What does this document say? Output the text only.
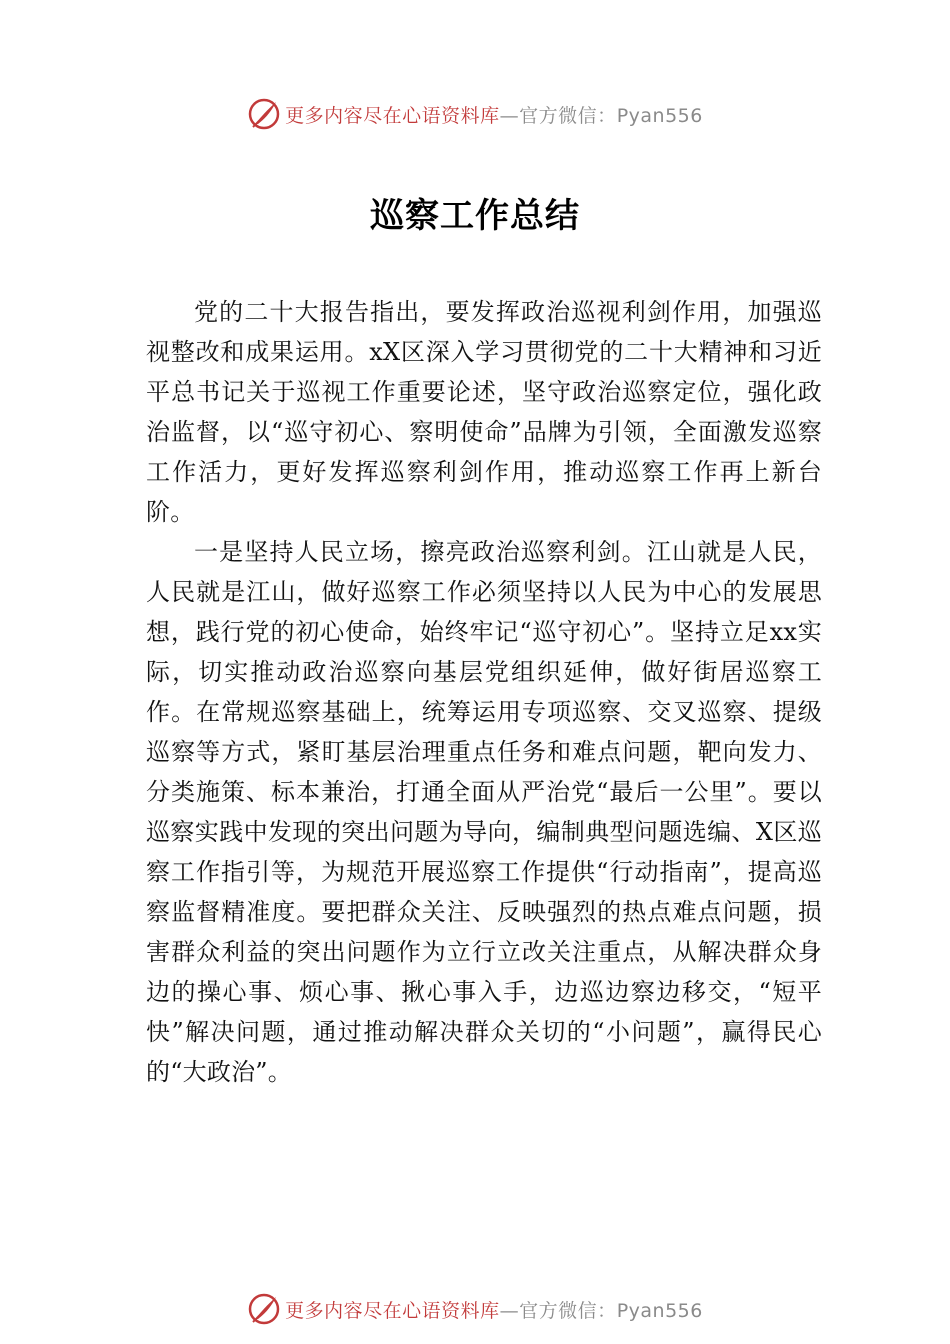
更多内容尽在心语资料库—官方微信：Pyan556
巡察工作总结

党的二十大报告指出，要发挥政治巡视利剑作用，加强巡视整改和成果运用。xX区深入学习贯彻党的二十大精神和习近平总书记关于巡视工作重要论述，坚守政治巡察定位，强化政治监督，以“巡守初心、察明使命”品牌为引领，全面激发巡察工作活力，更好发挥巡察利剑作用，推动巡察工作再上新台阶。

一是坚持人民立场，擦亮政治巡察利剑。江山就是人民，人民就是江山，做好巡察工作必须坚持以人民为中心的发展思想，践行党的初心使命，始终牢记“巡守初心”。坚持立足xx实际，切实推动政治巡察向基层党组织延伸，做好街居巡察工作。在常规巡察基础上，统筹运用专项巡察、交叉巡察、提级巡察等方式，紧盯基层治理重点任务和难点问题，靶向发力、分类施策、标本兼治，打通全面从严治党“最后一公里”。要以巡察实践中发现的突出问题为导向，编制典型问题选编、X区巡察工作指引等，为规范开展巡察工作提供“行动指南”，提高巡察监督精准度。要把群众关注、反映强烈的热点难点问题，损害群众利益的突出问题作为立行立改关注重点，从解决群众身边的操心事、烦心事、揪心事入手，边巡边察边移交，“短平快”解决问题，通过推动解决群众关切的“小问题”，赢得民心的“大政治”。

更多内容尽在心语资料库—官方微信：Pyan556
